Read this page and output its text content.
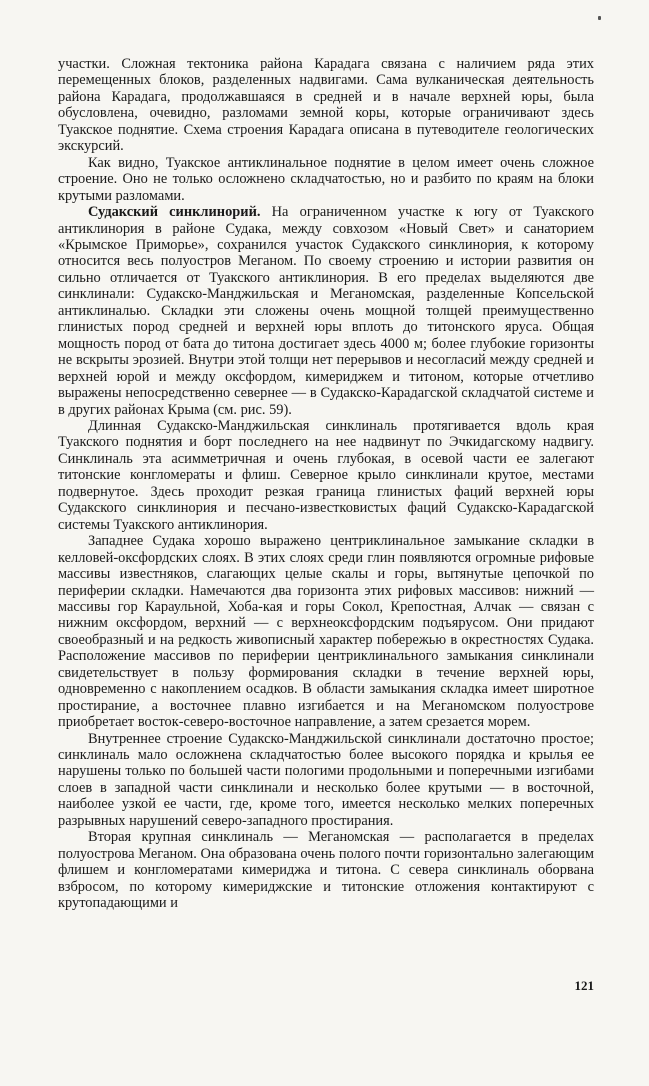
участки. Сложная тектоника района Карадага связана с наличием ряда этих перемещенных блоков, разделенных надвигами. Сама вулканическая деятельность района Карадага, продолжавшаяся в средней и в начале верхней юры, была обусловлена, очевидно, разломами земной коры, которые ограничивают здесь Туакское поднятие. Схема строения Карадага описана в путеводителе геологических экскурсий.

Как видно, Туакское антиклинальное поднятие в целом имеет очень сложное строение. Оно не только осложнено складчатостью, но и разбито по краям на блоки крутыми разломами.

Судакский синклинорий. На ограниченном участке к югу от Туакского антиклинория в районе Судака, между совхозом «Новый Свет» и санаторием «Крымское Приморье», сохранился участок Судакского синклинория, к которому относится весь полуостров Меганом. По своему строению и истории развития он сильно отличается от Туакского антиклинория. В его пределах выделяются две синклинали: Судакско-Манджильская и Меганомская, разделенные Копсельской антиклиналью. Складки эти сложены очень мощной толщей преимущественно глинистых пород средней и верхней юры вплоть до титонского яруса. Общая мощность пород от бата до титона достигает здесь 4000 м; более глубокие горизонты не вскрыты эрозией. Внутри этой толщи нет перерывов и несогласий между средней и верхней юрой и между оксфордом, кимериджем и титоном, которые отчетливо выражены непосредственно севернее — в Судакско-Карадагской складчатой системе и в других районах Крыма (см. рис. 59).

Длинная Судакско-Манджильская синклиналь протягивается вдоль края Туакского поднятия и борт последнего на нее надвинут по Эчкидагскому надвигу. Синклиналь эта асимметричная и очень глубокая, в осевой части ее залегают титонские конгломераты и флиш. Северное крыло синклинали крутое, местами подвернутое. Здесь проходит резкая граница глинистых фаций верхней юры Судакского синклинория и песчано-известковистых фаций Судакско-Карадагской системы Туакского антиклинория.

Западнее Судака хорошо выражено центриклинальное замыкание складки в келловей-оксфордских слоях. В этих слоях среди глин появляются огромные рифовые массивы известняков, слагающих целые скалы и горы, вытянутые цепочкой по периферии складки. Намечаются два горизонта этих рифовых массивов: нижний — массивы гор Караульной, Хоба-кая и горы Сокол, Крепостная, Алчак — связан с нижним оксфордом, верхний — с верхнеоксфордским подъярусом. Они придают своеобразный и на редкость живописный характер побережью в окрестностях Судака. Расположение массивов по периферии центриклинального замыкания синклинали свидетельствует в пользу формирования складки в течение верхней юры, одновременно с накоплением осадков. В области замыкания складка имеет широтное простирание, а восточнее плавно изгибается и на Меганомском полуострове приобретает восток-северо-восточное направление, а затем срезается морем.

Внутреннее строение Судакско-Манджильской синклинали достаточно простое; синклиналь мало осложнена складчатостью более высокого порядка и крылья ее нарушены только по большей части пологими продольными и поперечными изгибами слоев в западной части синклинали и несколько более крутыми — в восточной, наиболее узкой ее части, где, кроме того, имеется несколько мелких поперечных разрывных нарушений северо-западного простирания.

Вторая крупная синклиналь — Меганомская — располагается в пределах полуострова Меганом. Она образована очень полого почти горизонтально залегающим флишем и конгломератами кимериджа и титона. С севера синклиналь оборвана взбросом, по которому кимериджские и титонские отложения контактируют с крутопадающими и

121
